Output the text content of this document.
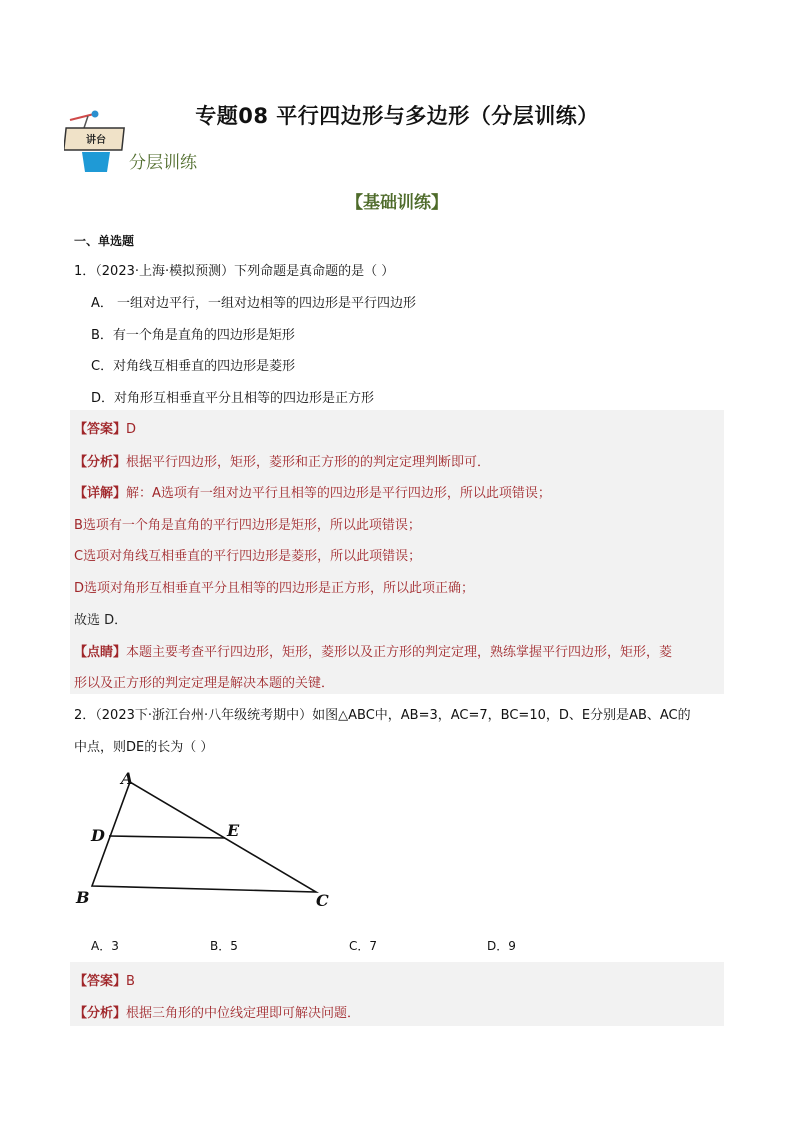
专题08 平行四边形与多边形（分层训练）
讲台
分层训练
【基础训练】
一、单选题
1．（2023·上海·模拟预测）下列命题是真命题的是（ ）
A． 一组对边平行，一组对边相等的四边形是平行四边形
B．有一个角是直角的四边形是矩形
C．对角线互相垂直的四边形是菱形
D．对角形互相垂直平分且相等的四边形是正方形
【答案】D
【分析】根据平行四边形，矩形，菱形和正方形的的判定定理判断即可．
【详解】解：A选项有一组对边平行且相等的四边形是平行四边形，所以此项错误；
B选项有一个角是直角的平行四边形是矩形，所以此项错误；
C选项对角线互相垂直的平行四边形是菱形，所以此项错误；
D选项对角形互相垂直平分且相等的四边形是正方形，所以此项正确；
故选 D．
【点睛】本题主要考查平行四边形，矩形，菱形以及正方形的判定定理，熟练掌握平行四边形，矩形，菱
形以及正方形的判定定理是解决本题的关键．
2．（2023下·浙江台州·八年级统考期中）如图△ABC中，AB=3，AC=7，BC=10，D、E分别是AB、AC的
中点，则DE的长为（ ）
A
B	C
D	E
A．3	B．5	C．7	D．9
【答案】B
【分析】根据三角形的中位线定理即可解决问题．
